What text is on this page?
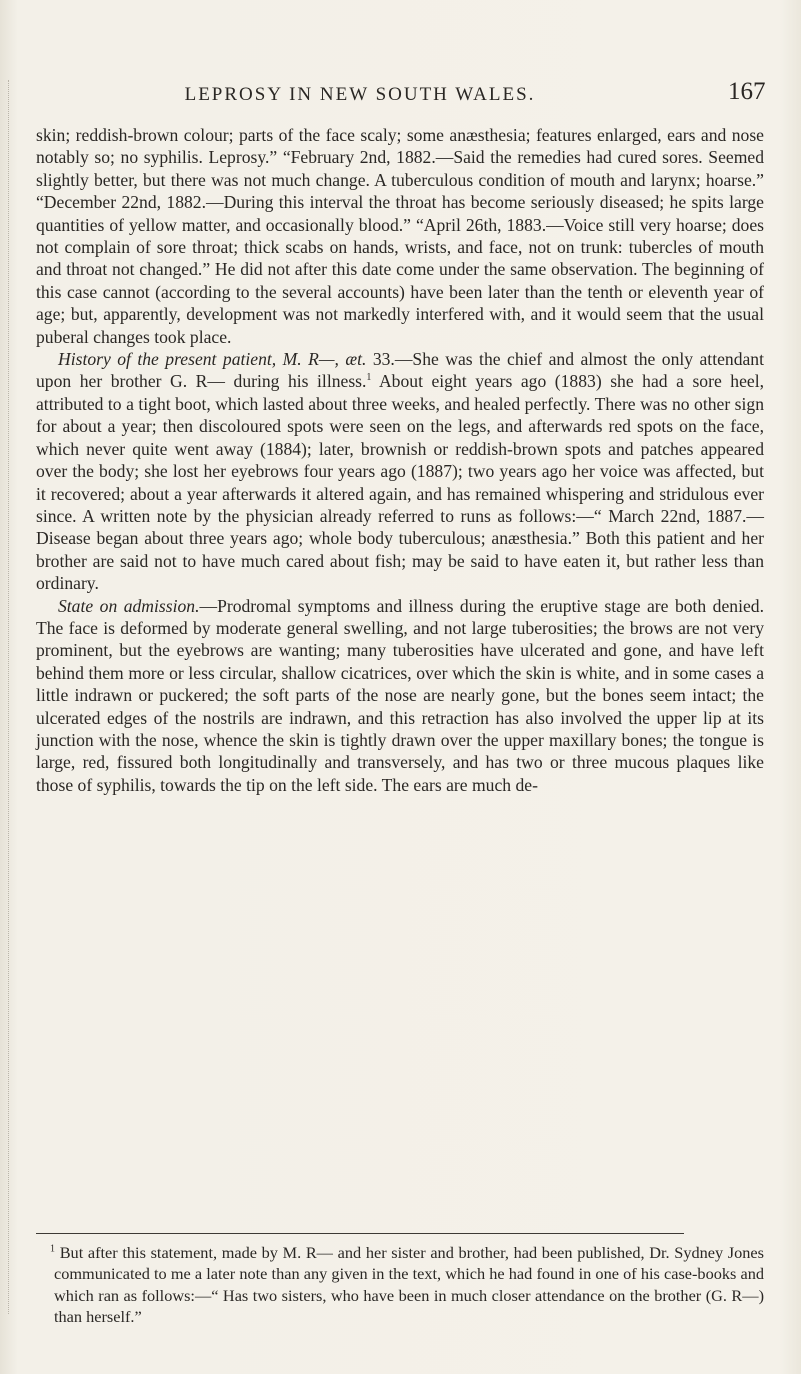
LEPROSY IN NEW SOUTH WALES.	167

skin; reddish-brown colour; parts of the face scaly; some anæsthesia; features enlarged, ears and nose notably so; no syphilis. Leprosy.” “February 2nd, 1882.—Said the remedies had cured sores. Seemed slightly better, but there was not much change. A tuberculous condition of mouth and larynx; hoarse.” “December 22nd, 1882.—During this interval the throat has become seriously diseased; he spits large quantities of yellow matter, and occasionally blood.” “April 26th, 1883.—Voice still very hoarse; does not complain of sore throat; thick scabs on hands, wrists, and face, not on trunk: tubercles of mouth and throat not changed.” He did not after this date come under the same observation. The beginning of this case cannot (according to the several accounts) have been later than the tenth or eleventh year of age; but, apparently, development was not markedly interfered with, and it would seem that the usual puberal changes took place.

History of the present patient, M. R—, æt. 33.—She was the chief and almost the only attendant upon her brother G. R— during his illness.$^1$ About eight years ago (1883) she had a sore heel, attributed to a tight boot, which lasted about three weeks, and healed perfectly. There was no other sign for about a year; then discoloured spots were seen on the legs, and afterwards red spots on the face, which never quite went away (1884); later, brownish or reddish-brown spots and patches appeared over the body; she lost her eyebrows four years ago (1887); two years ago her voice was affected, but it recovered; about a year afterwards it altered again, and has remained whispering and stridulous ever since. A written note by the physician already referred to runs as follows:—“ March 22nd, 1887.—Disease began about three years ago; whole body tuberculous; anæsthesia.” Both this patient and her brother are said not to have much cared about fish; may be said to have eaten it, but rather less than ordinary.

State on admission.—Prodromal symptoms and illness during the eruptive stage are both denied. The face is deformed by moderate general swelling, and not large tuberosities; the brows are not very prominent, but the eyebrows are wanting; many tuberosities have ulcerated and gone, and have left behind them more or less circular, shallow cicatrices, over which the skin is white, and in some cases a little indrawn or puckered; the soft parts of the nose are nearly gone, but the bones seem intact; the ulcerated edges of the nostrils are indrawn, and this retraction has also involved the upper lip at its junction with the nose, whence the skin is tightly drawn over the upper maxillary bones; the tongue is large, red, fissured both longitudinally and transversely, and has two or three mucous plaques like those of syphilis, towards the tip on the left side. The ears are much de-

$^1$ But after this statement, made by M. R— and her sister and brother, had been published, Dr. Sydney Jones communicated to me a later note than any given in the text, which he had found in one of his case-books and which ran as follows:—“ Has two sisters, who have been in much closer attendance on the brother (G. R—) than herself.”
